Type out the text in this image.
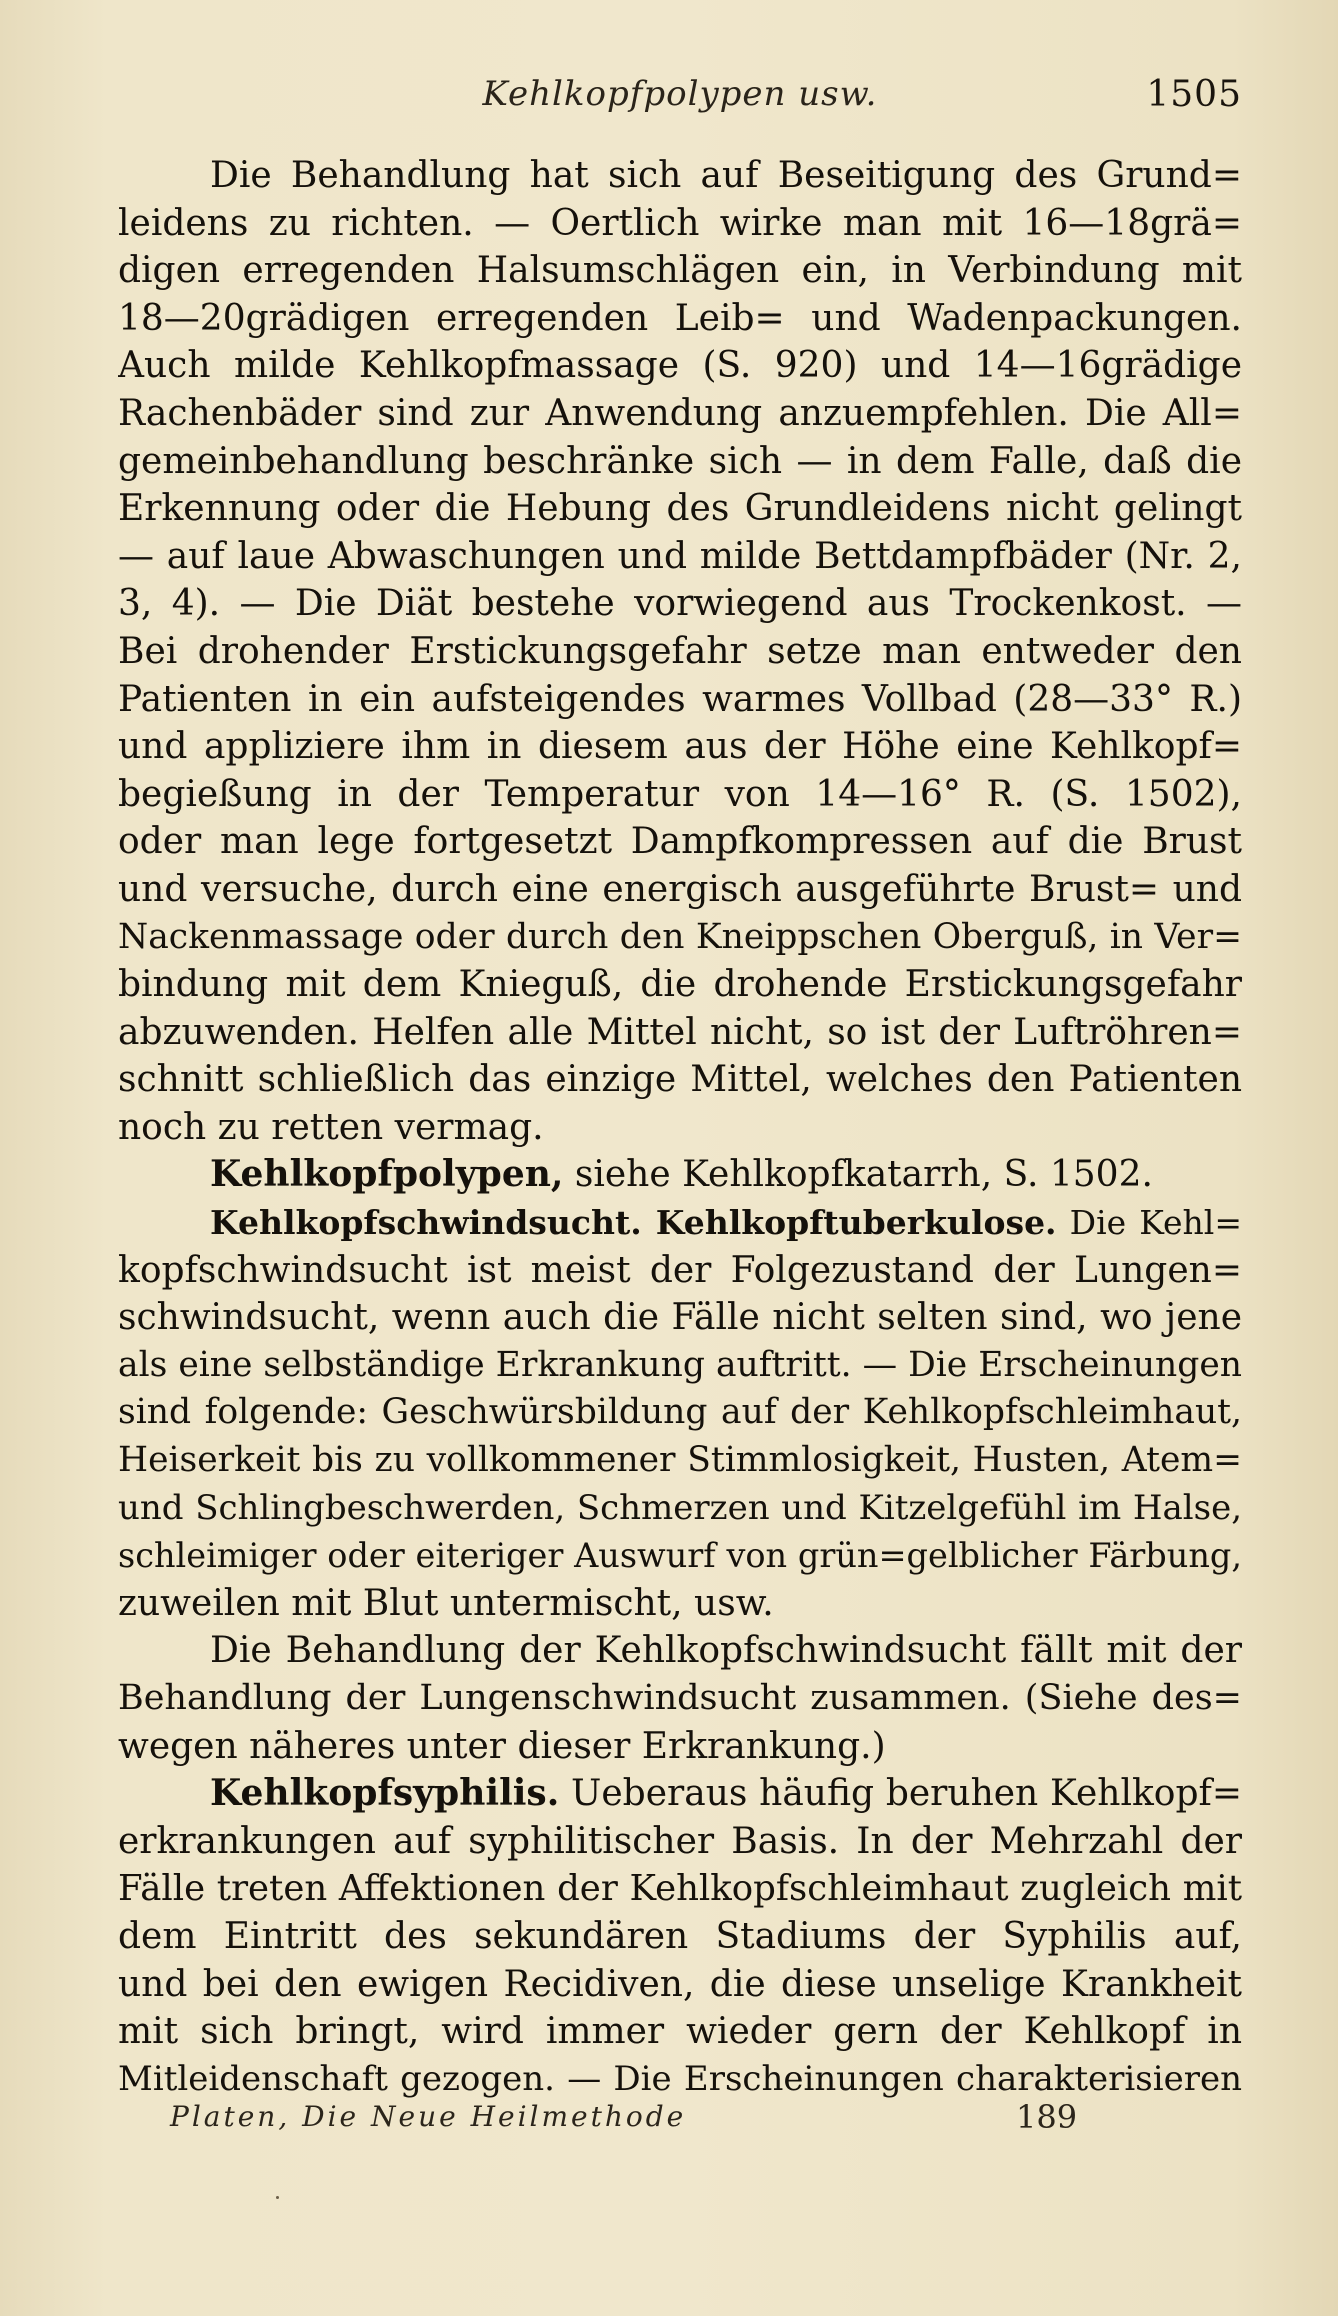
Kehlkopfpolypen usw.	1505
Die Behandlung hat sich auf Beseitigung des Grund=
leidens zu richten. — Oertlich wirke man mit 16—18grä=
digen erregenden Halsumschlägen ein, in Verbindung mit
18—20grädigen erregenden Leib= und Wadenpackungen.
Auch milde Kehlkopfmassage (S. 920) und 14—16grädige
Rachenbäder sind zur Anwendung anzuempfehlen. Die All=
gemeinbehandlung beschränke sich — in dem Falle, daß die
Erkennung oder die Hebung des Grundleidens nicht gelingt
— auf laue Abwaschungen und milde Bettdampfbäder (Nr. 2,
3, 4). — Die Diät bestehe vorwiegend aus Trockenkost. —
Bei drohender Erstickungsgefahr setze man entweder den
Patienten in ein aufsteigendes warmes Vollbad (28—33° R.)
und appliziere ihm in diesem aus der Höhe eine Kehlkopf=
begießung in der Temperatur von 14—16° R. (S. 1502),
oder man lege fortgesetzt Dampfkompressen auf die Brust
und versuche, durch eine energisch ausgeführte Brust= und
Nackenmassage oder durch den Kneippschen Oberguß, in Ver=
bindung mit dem Knieguß, die drohende Erstickungsgefahr
abzuwenden. Helfen alle Mittel nicht, so ist der Luftröhren=
schnitt schließlich das einzige Mittel, welches den Patienten
noch zu retten vermag.
Kehlkopfpolypen, siehe Kehlkopfkatarrh, S. 1502.
Kehlkopfschwindsucht. Kehlkopftuberkulose. Die Kehl=
kopfschwindsucht ist meist der Folgezustand der Lungen=
schwindsucht, wenn auch die Fälle nicht selten sind, wo jene
als eine selbständige Erkrankung auftritt. — Die Erscheinungen
sind folgende: Geschwürsbildung auf der Kehlkopfschleimhaut,
Heiserkeit bis zu vollkommener Stimmlosigkeit, Husten, Atem=
und Schlingbeschwerden, Schmerzen und Kitzelgefühl im Halse,
schleimiger oder eiteriger Auswurf von grün=gelblicher Färbung,
zuweilen mit Blut untermischt, usw.
Die Behandlung der Kehlkopfschwindsucht fällt mit der
Behandlung der Lungenschwindsucht zusammen. (Siehe des=
wegen näheres unter dieser Erkrankung.)
Kehlkopfsyphilis. Ueberaus häufig beruhen Kehlkopf=
erkrankungen auf syphilitischer Basis. In der Mehrzahl der
Fälle treten Affektionen der Kehlkopfschleimhaut zugleich mit
dem Eintritt des sekundären Stadiums der Syphilis auf,
und bei den ewigen Recidiven, die diese unselige Krankheit
mit sich bringt, wird immer wieder gern der Kehlkopf in
Mitleidenschaft gezogen. — Die Erscheinungen charakterisieren
Platen, Die Neue Heilmethode	189
